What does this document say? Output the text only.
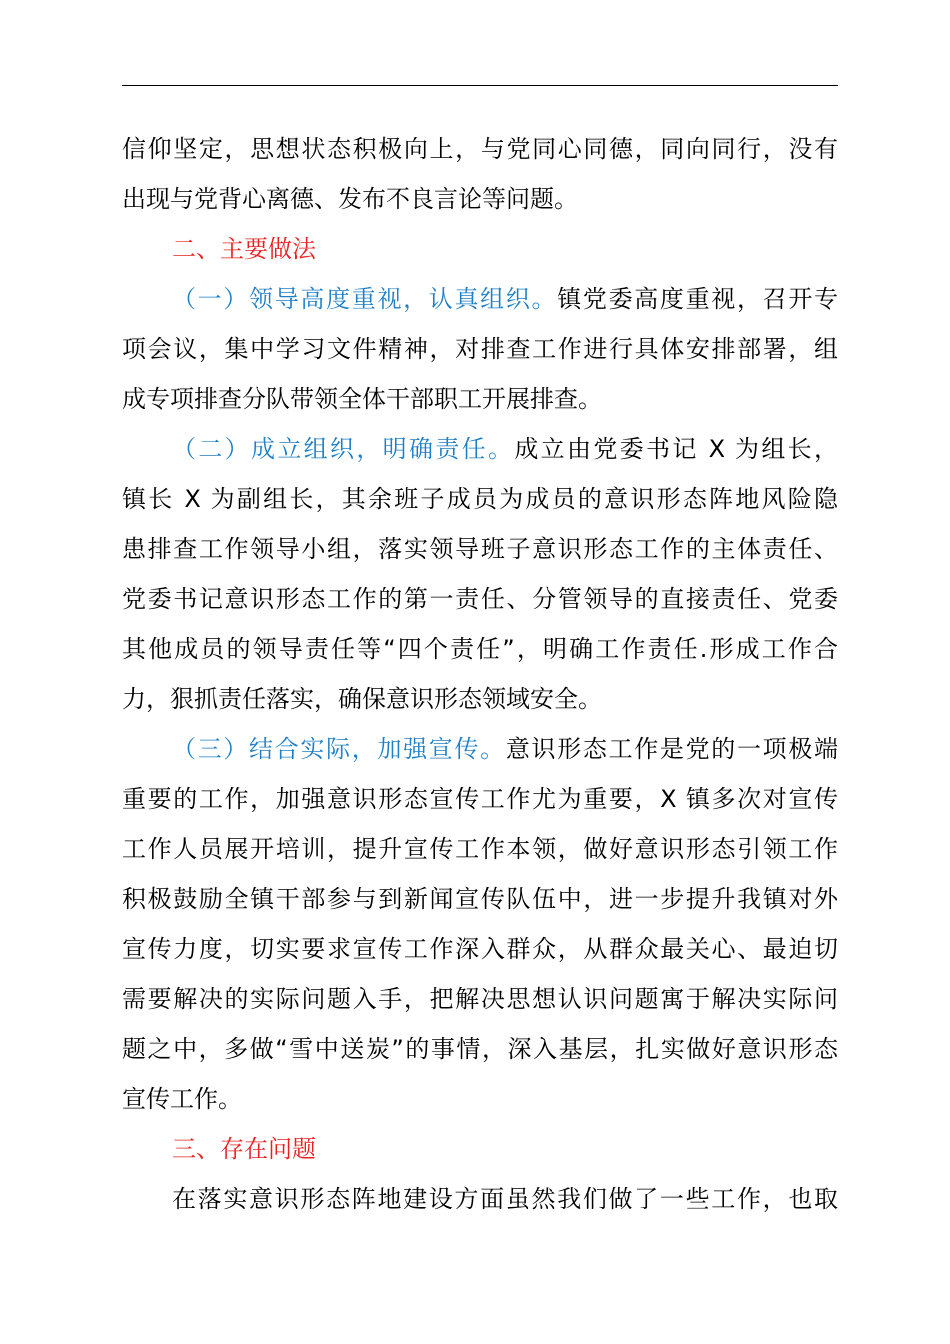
信仰坚定，思想状态积极向上，与党同心同德，同向同行，没有
出现与党背心离德、发布不良言论等问题。
二、主要做法
（一）领导高度重视，认真组织。镇党委高度重视，召开专
项会议，集中学习文件精神，对排查工作进行具体安排部署，组
成专项排查分队带领全体干部职工开展排查。
（二）成立组织，明确责任。成立由党委书记 X 为组长，
镇长 X 为副组长，其余班子成员为成员的意识形态阵地风险隐
患排查工作领导小组，落实领导班子意识形态工作的主体责任、
党委书记意识形态工作的第一责任、分管领导的直接责任、党委
其他成员的领导责任等“四个责任”，明确工作责任.形成工作合
力，狠抓责任落实，确保意识形态领域安全。
（三）结合实际，加强宣传。意识形态工作是党的一项极端
重要的工作，加强意识形态宣传工作尤为重要，X 镇多次对宣传
工作人员展开培训，提升宣传工作本领，做好意识形态引领工作
积极鼓励全镇干部参与到新闻宣传队伍中，进一步提升我镇对外
宣传力度，切实要求宣传工作深入群众，从群众最关心、最迫切
需要解决的实际问题入手，把解决思想认识问题寓于解决实际问
题之中，多做“雪中送炭”的事情，深入基层，扎实做好意识形态
宣传工作。
三、存在问题
在落实意识形态阵地建设方面虽然我们做了一些工作，也取
